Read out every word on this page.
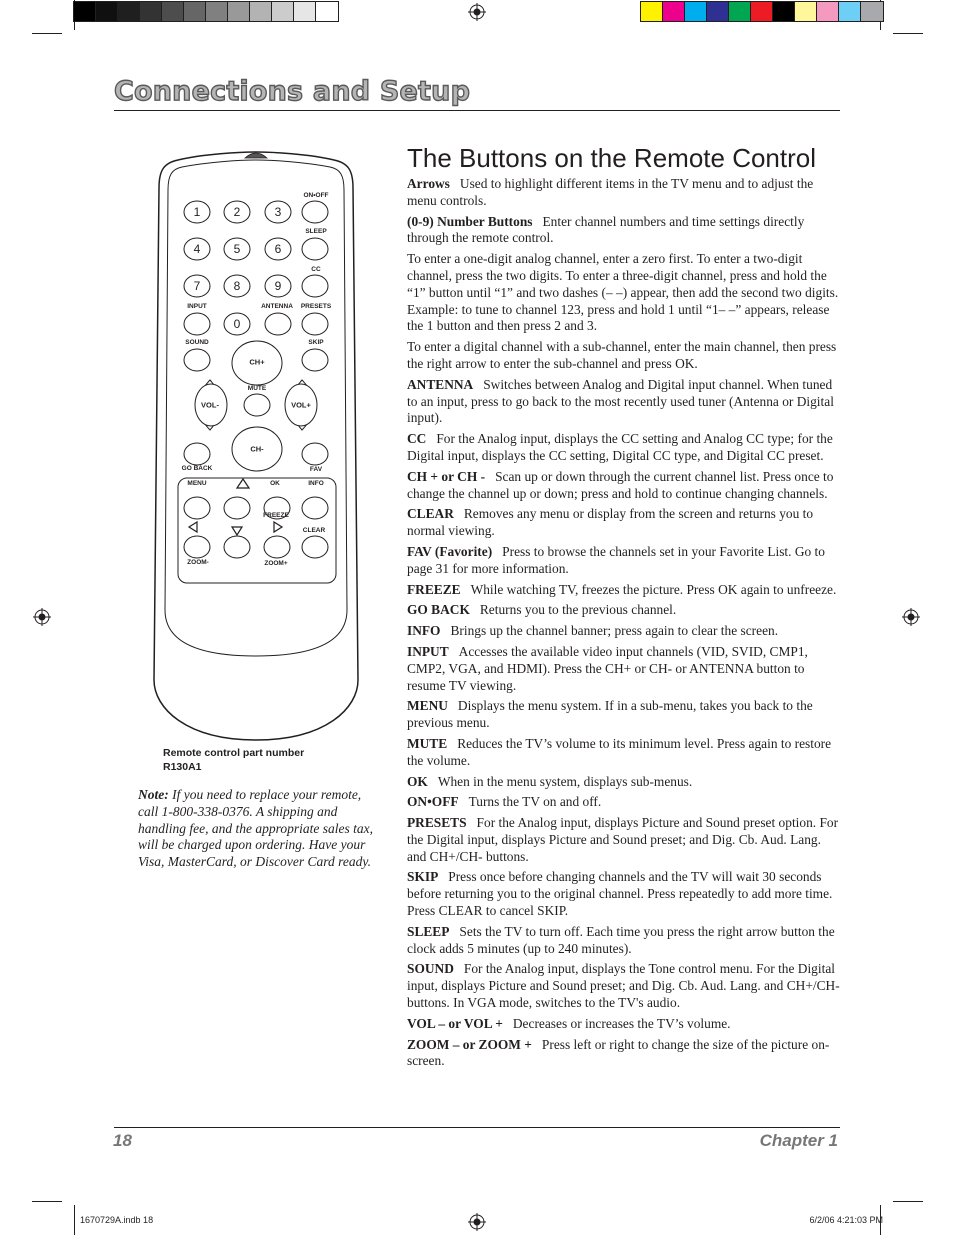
Connections and Setup
1	2	3
4	5	6
7	8	9
0
ON•OFF
SLEEP
CC
INPUT	ANTENNA PRESETS
SOUND	SKIP
CH+
MUTE
VOL-	VOL+
CH-
GO BACK	FAV
MENU	OK	INFO
FREEZE
CLEAR
ZOOM-	ZOOM+
Remote control part number
R130A1

Note: If you need to replace your remote, call 1-800-338-0376. A shipping and handling fee, and the appropriate sales tax, will be charged upon ordering. Have your Visa, MasterCard, or Discover Card ready.

The Buttons on the Remote Control

Arrows Used to highlight different items in the TV menu and to adjust the menu controls.

(0-9) Number Buttons Enter channel numbers and time settings directly through the remote control.

To enter a one-digit analog channel, enter a zero first. To enter a two-digit channel, press the two digits. To enter a three-digit channel, press and hold the “1” button until “1” and two dashes (– –) appear, then add the second two digits. Example: to tune to channel 123, press and hold 1 until “1– –” appears, release the 1 button and then press 2 and 3.

To enter a digital channel with a sub-channel, enter the main channel, then press the right arrow to enter the sub-channel and press OK.

ANTENNA Switches between Analog and Digital input channel. When tuned to an input, press to go back to the most recently used tuner (Antenna or Digital input).

CC For the Analog input, displays the CC setting and Analog CC type; for the Digital input, displays the CC setting, Digital CC type, and Digital CC preset.

CH + or CH - Scan up or down through the current channel list. Press once to change the channel up or down; press and hold to continue changing channels.

CLEAR Removes any menu or display from the screen and returns you to normal viewing.

FAV (Favorite) Press to browse the channels set in your Favorite List. Go to page 31 for more information.

FREEZE While watching TV, freezes the picture. Press OK again to unfreeze.

GO BACK Returns you to the previous channel.

INFO Brings up the channel banner; press again to clear the screen.

INPUT Accesses the available video input channels (VID, SVID, CMP1, CMP2, VGA, and HDMI). Press the CH+ or CH- or ANTENNA button to resume TV viewing.

MENU Displays the menu system. If in a sub-menu, takes you back to the previous menu.

MUTE Reduces the TV’s volume to its minimum level. Press again to restore the volume.

OK When in the menu system, displays sub-menus.

ON•OFF Turns the TV on and off.

PRESETS For the Analog input, displays Picture and Sound preset option. For the Digital input, displays Picture and Sound preset; and Dig. Cb. Aud. Lang. and CH+/CH- buttons.

SKIP Press once before changing channels and the TV will wait 30 seconds before returning you to the original channel. Press repeatedly to add more time. Press CLEAR to cancel SKIP.

SLEEP Sets the TV to turn off. Each time you press the right arrow button the clock adds 5 minutes (up to 240 minutes).

SOUND For the Analog input, displays the Tone control menu. For the Digital input, displays Picture and Sound preset; and Dig. Cb. Aud. Lang. and CH+/CH- buttons. In VGA mode, switches to the TV's audio.

VOL – or VOL + Decreases or increases the TV’s volume.

ZOOM – or ZOOM + Press left or right to change the size of the picture on-screen.

18	Chapter 1

1670729A.indb 18	6/2/06 4:21:03 PM
